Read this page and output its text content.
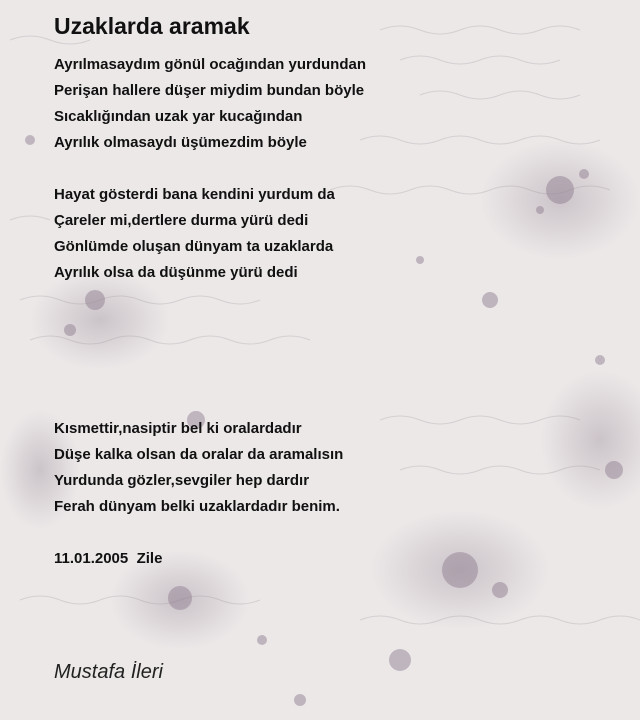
Uzaklarda aramak
Ayrılmasaydım gönül ocağından yurdundan
Perişan hallere düşer miydim bundan böyle
Sıcaklığından uzak yar kucağından
Ayrılık olmasaydı üşümezdim böyle
Hayat gösterdi bana kendini yurdum da
Çareler mi,dertlere durma yürü dedi
Gönlümde oluşan dünyam ta uzaklarda
Ayrılık olsa da düşünme yürü dedi
Kısmettir,nasiptir bel ki oralardadır
Düşe kalka olsan da oralar da aramalısın
Yurdunda gözler,sevgiler hep dardır
Ferah dünyam belki uzaklardadır benim.
11.01.2005  Zile
Mustafa İleri
